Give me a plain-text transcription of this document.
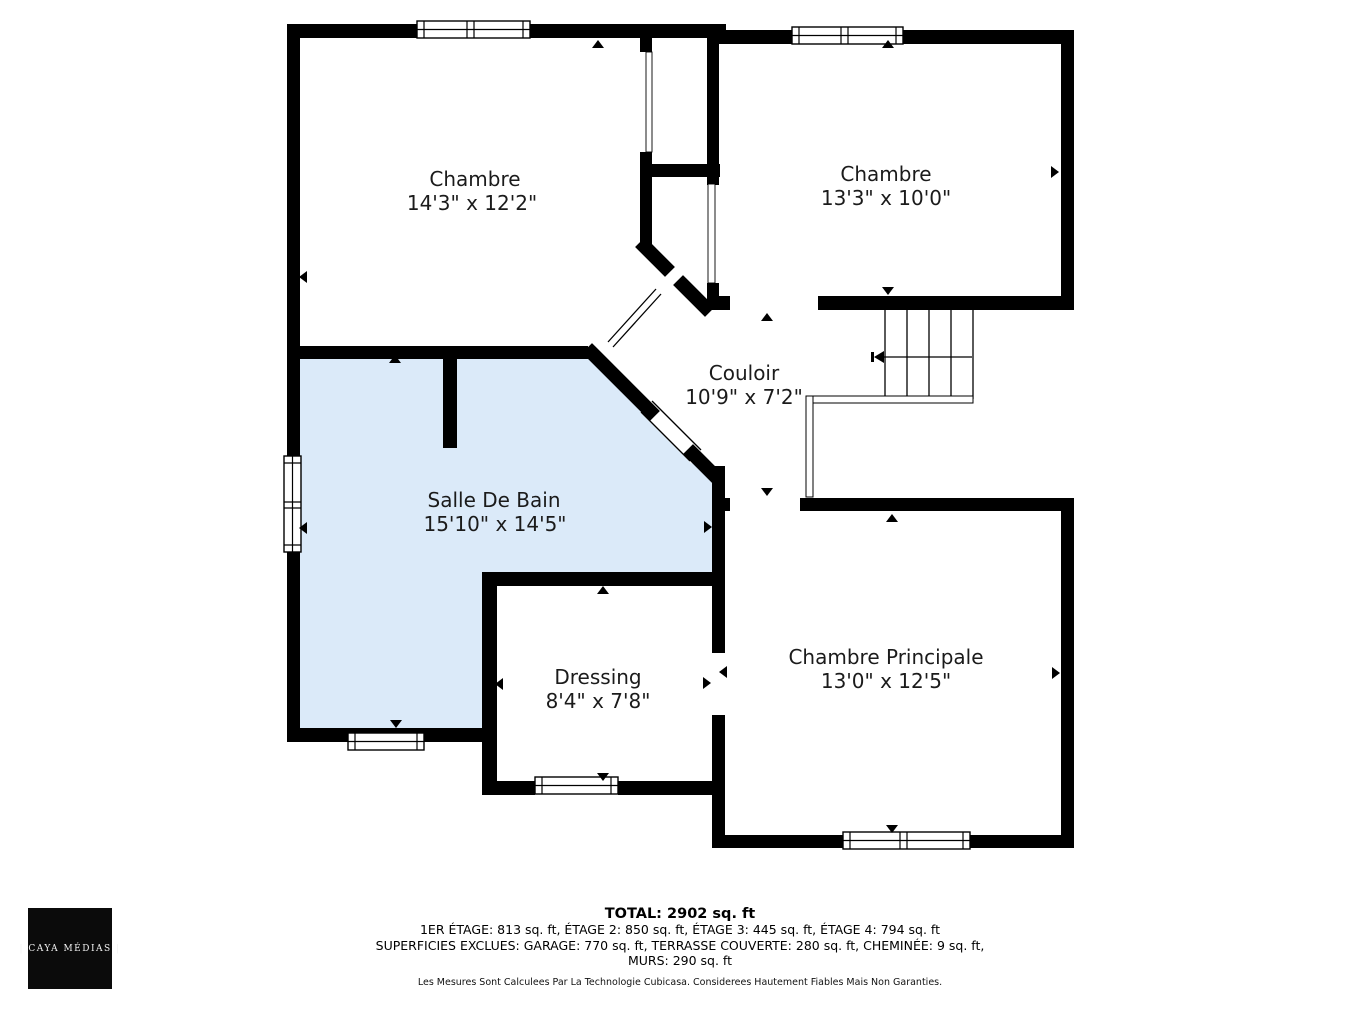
Chambre
14'3" x 12'2"
Chambre
13'3" x 10'0"
Couloir
10'9" x 7'2"
Salle De Bain
15'10" x 14'5"
Dressing
8'4" x 7'8"
Chambre Principale
13'0" x 12'5"
| CAYA MÉDIAS |
TOTAL: 2902 sq. ft
1ER ÉTAGE: 813 sq. ft, ÉTAGE 2: 850 sq. ft, ÉTAGE 3: 445 sq. ft, ÉTAGE 4: 794 sq. ft
SUPERFICIES EXCLUES: GARAGE: 770 sq. ft, TERRASSE COUVERTE: 280 sq. ft, CHEMINÉE: 9 sq. ft,
MURS: 290 sq. ft
Les Mesures Sont Calculees Par La Technologie Cubicasa. Considerees Hautement Fiables Mais Non Garanties.
